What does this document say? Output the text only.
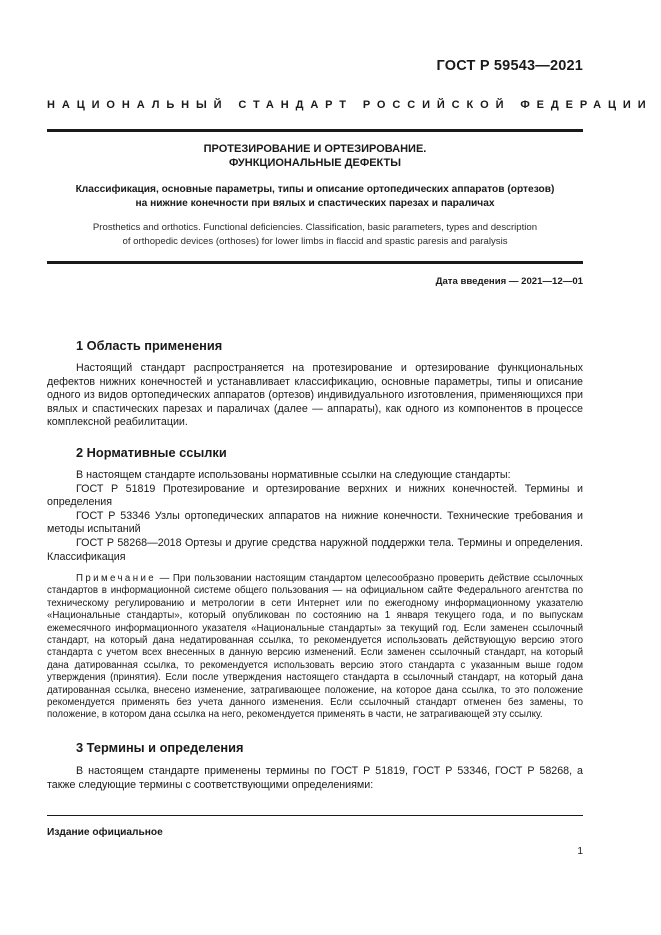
ГОСТ Р 59543—2021
НАЦИОНАЛЬНЫЙ СТАНДАРТ РОССИЙСКОЙ ФЕДЕРАЦИИ
ПРОТЕЗИРОВАНИЕ И ОРТЕЗИРОВАНИЕ.
ФУНКЦИОНАЛЬНЫЕ ДЕФЕКТЫ
Классификация, основные параметры, типы и описание ортопедических аппаратов (ортезов)
на нижние конечности при вялых и спастических парезах и параличах
Prosthetics and orthotics. Functional deficiencies. Classification, basic parameters, types and description
of orthopedic devices (orthoses) for lower limbs in flaccid and spastic paresis and paralysis
Дата введения — 2021—12—01
1 Область применения

Настоящий стандарт распространяется на протезирование и ортезирование функциональных дефектов нижних конечностей и устанавливает классификацию, основные параметры, типы и описание одного из видов ортопедических аппаратов (ортезов) индивидуального изготовления, применяющихся при вялых и спастических парезах и параличах (далее — аппараты), как одного из компонентов в процессе комплексной реабилитации.

2 Нормативные ссылки

В настоящем стандарте использованы нормативные ссылки на следующие стандарты:

ГОСТ Р 51819 Протезирование и ортезирование верхних и нижних конечностей. Термины и определения

ГОСТ Р 53346 Узлы ортопедических аппаратов на нижние конечности. Технические требования и методы испытаний

ГОСТ Р 58268—2018 Ортезы и другие средства наружной поддержки тела. Термины и определения. Классификация

Примечание — При пользовании настоящим стандартом целесообразно проверить действие ссылочных стандартов в информационной системе общего пользования — на официальном сайте Федерального агентства по техническому регулированию и метрологии в сети Интернет или по ежегодному информационному указателю «Национальные стандарты», который опубликован по состоянию на 1 января текущего года, и по выпускам ежемесячного информационного указателя «Национальные стандарты» за текущий год. Если заменен ссылочный стандарт, на который дана недатированная ссылка, то рекомендуется использовать действующую версию этого стандарта с учетом всех внесенных в данную версию изменений. Если заменен ссылочный стандарт, на который дана датированная ссылка, то рекомендуется использовать версию этого стандарта с указанным выше годом утверждения (принятия). Если после утверждения настоящего стандарта в ссылочный стандарт, на который дана датированная ссылка, внесено изменение, затрагивающее положение, на которое дана ссылка, то это положение рекомендуется применять без учета данного изменения. Если ссылочный стандарт отменен без замены, то положение, в котором дана ссылка на него, рекомендуется применять в части, не затрагивающей эту ссылку.

3 Термины и определения

В настоящем стандарте применены термины по ГОСТ Р 51819, ГОСТ Р 53346, ГОСТ Р 58268, а также следующие термины с соответствующими определениями:

Издание официальное
1
